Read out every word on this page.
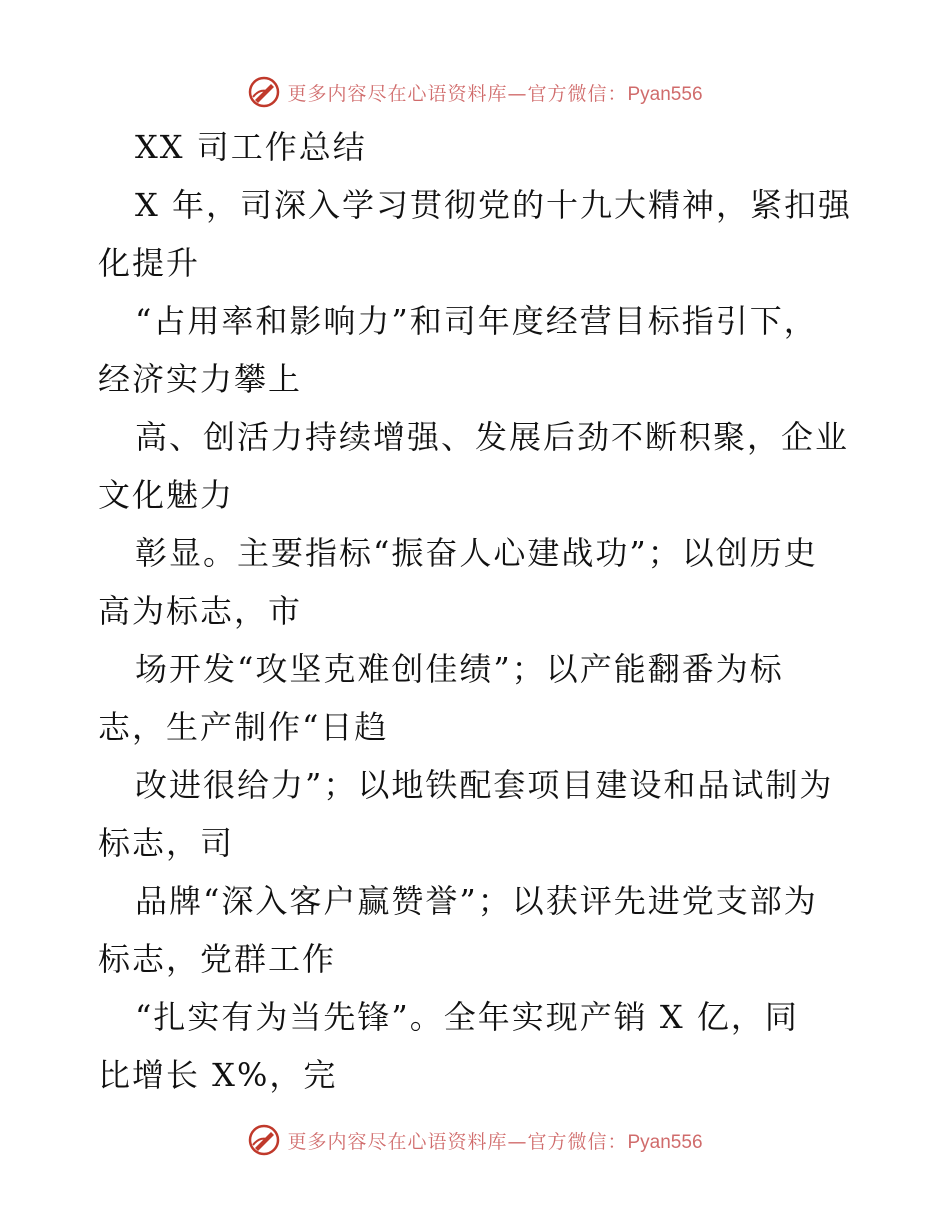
更多内容尽在心语资料库—官方微信：Pyan556
XX 司工作总结
X 年，司深入学习贯彻党的十九大精神，紧扣强
化提升
“占用率和影响力”和司年度经营目标指引下，
经济实力攀上
高、创活力持续增强、发展后劲不断积聚，企业
文化魅力
彰显。主要指标“振奋人心建战功”；以创历史
高为标志，市
场开发“攻坚克难创佳绩”；以产能翻番为标
志，生产制作“日趋
改进很给力”；以地铁配套项目建设和品试制为
标志，司
品牌“深入客户赢赞誉”；以获评先进党支部为
标志，党群工作
“扎实有为当先锋”。全年实现产销 X 亿，同
比增长 X%，完
更多内容尽在心语资料库—官方微信：Pyan556
